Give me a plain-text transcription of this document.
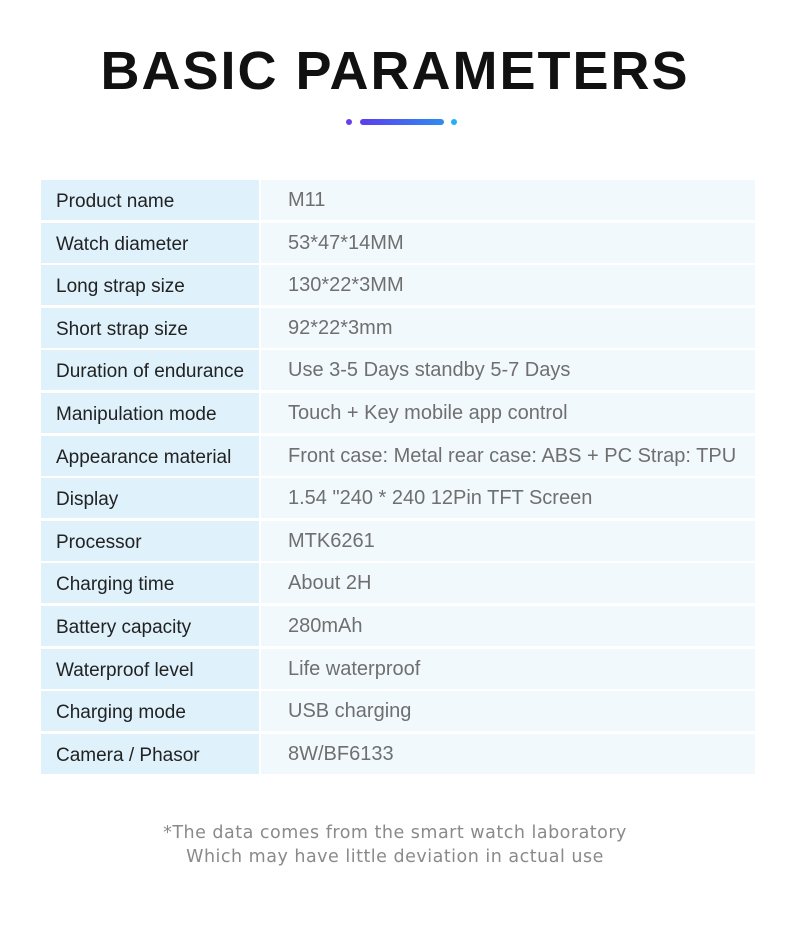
BASIC PARAMETERS
Product name	M11
Watch diameter	53*47*14MM
Long strap size	130*22*3MM
Short strap size	92*22*3mm
Duration of endurance	Use 3-5 Days standby 5-7 Days
Manipulation mode	Touch + Key mobile app control
Appearance material	Front case: Metal rear case: ABS + PC Strap: TPU
Display	1.54 "240 * 240 12Pin TFT Screen
Processor	MTK6261
Charging time	About 2H
Battery capacity	280mAh
Waterproof level	Life waterproof
Charging mode	USB charging
Camera / Phasor	8W/BF6133
*The data comes from the smart watch laboratory
Which may have little deviation in actual use
